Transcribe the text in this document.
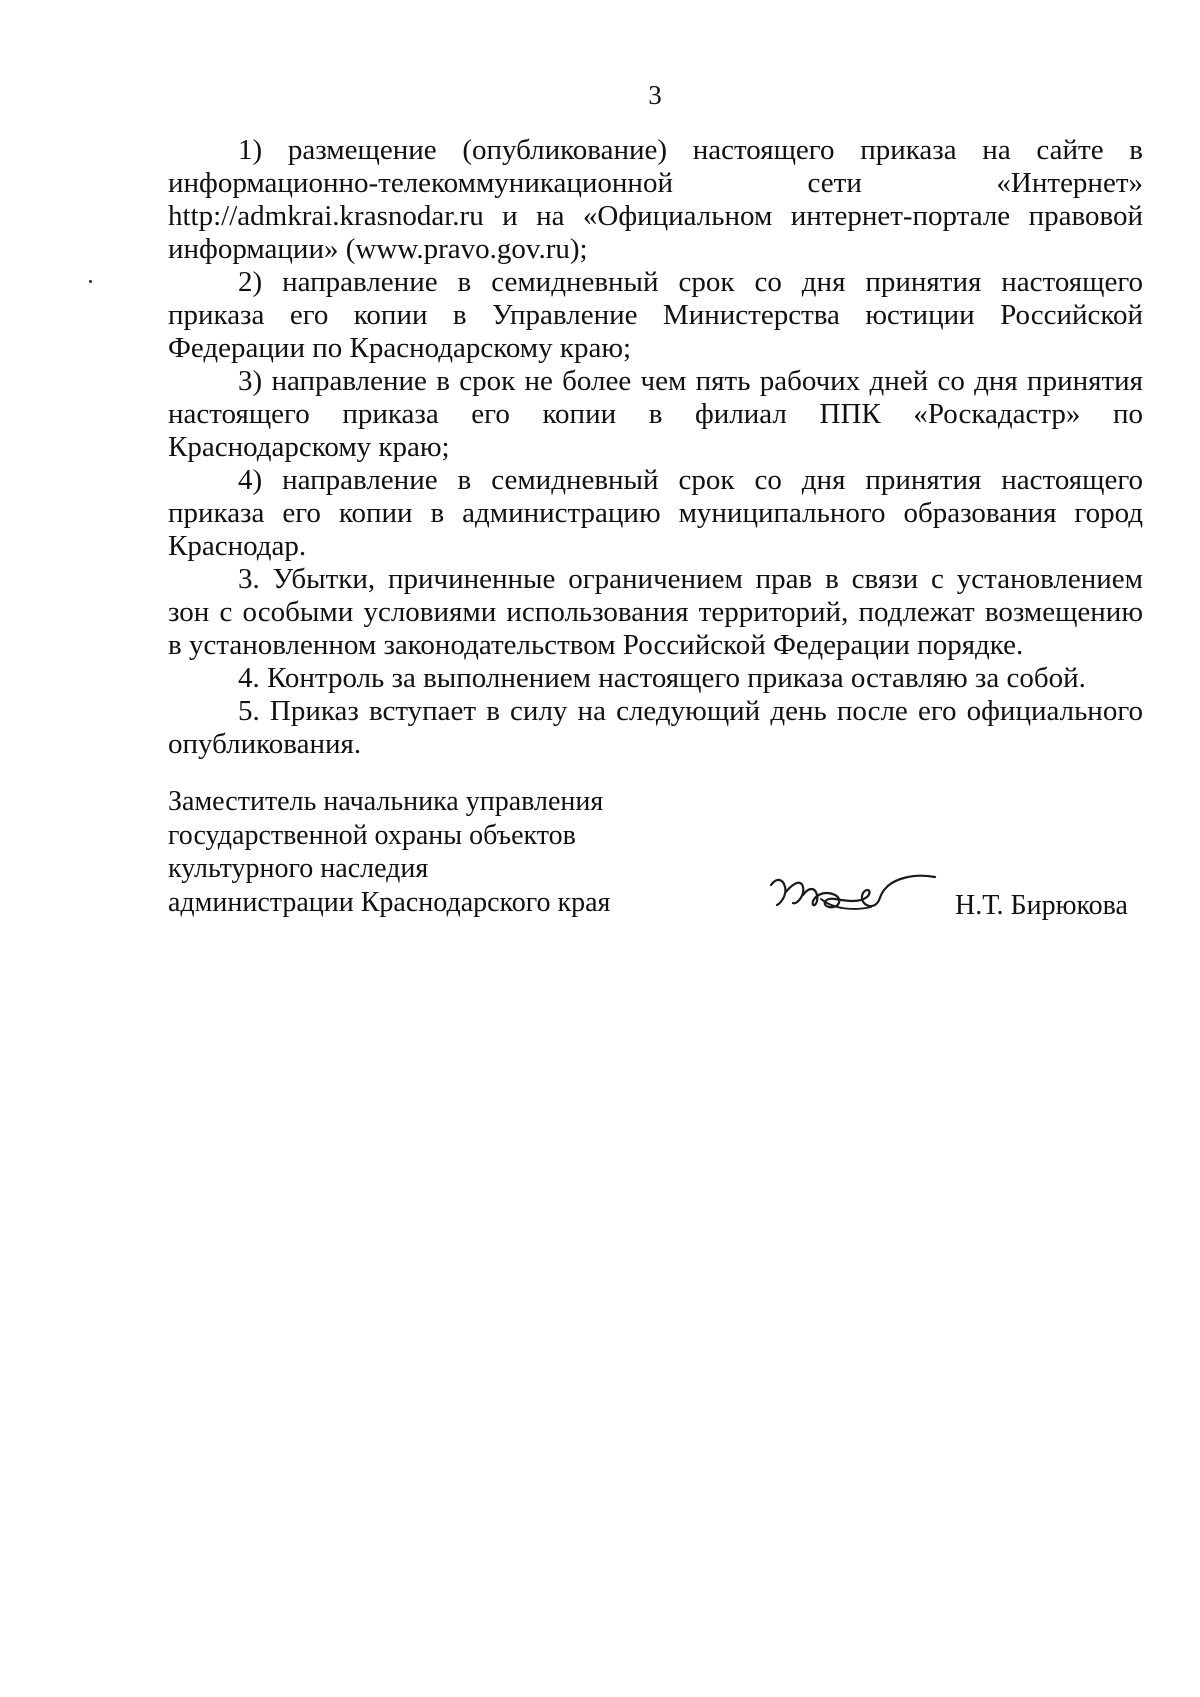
3

1) размещение (опубликование) настоящего приказа на сайте в информационно-телекоммуникационной сети «Интернет» http://admkrai.krasnodar.ru и на «Официальном интернет-портале правовой информации» (www.pravo.gov.ru);

2) направление в семидневный срок со дня принятия настоящего приказа его копии в Управление Министерства юстиции Российской Федерации по Краснодарскому краю;

3) направление в срок не более чем пять рабочих дней со дня принятия настоящего приказа его копии в филиал ППК «Роскадастр» по Краснодарскому краю;

4) направление в семидневный срок со дня принятия настоящего приказа его копии в администрацию муниципального образования город Краснодар.

3. Убытки, причиненные ограничением прав в связи с установлением зон с особыми условиями использования территорий, подлежат возмещению в установленном законодательством Российской Федерации порядке.

4. Контроль за выполнением настоящего приказа оставляю за собой.

5. Приказ вступает в силу на следующий день после его официального опубликования.

Заместитель начальника управления
государственной охраны объектов
культурного наследия
администрации Краснодарского края	Н.Т. Бирюкова
